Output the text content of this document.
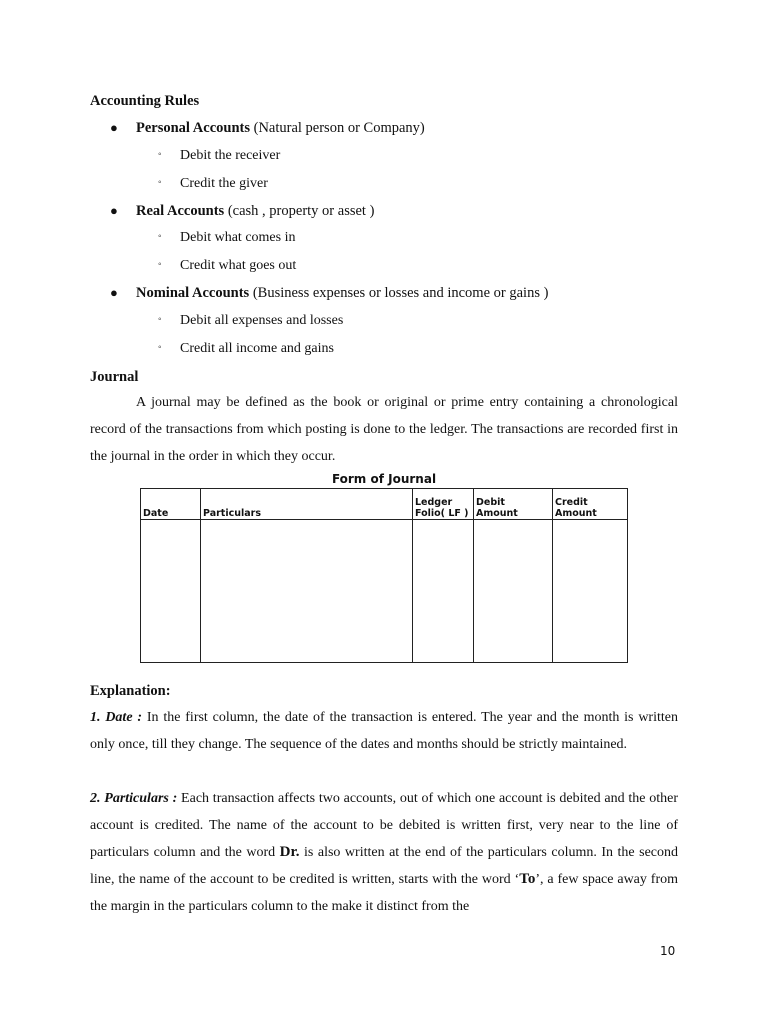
Accounting Rules
● Personal Accounts (Natural person or Company)
◦ Debit the receiver
◦ Credit the giver
● Real Accounts (cash , property or asset )
◦ Debit what comes in
◦ Credit what goes out
● Nominal Accounts (Business expenses or losses and income or gains )
◦ Debit all expenses and losses
◦ Credit all income and gains
Journal

A journal may be defined as the book or original or prime entry containing a chronological record of the transactions from which posting is done to the ledger. The transactions are recorded first in the journal in the order in which they occur.

Form of Journal
Date	Particulars	Ledger Folio( LF )	Debit Amount	Credit Amount

Explanation:

1. Date : In the first column, the date of the transaction is entered. The year and the month is written only once, till they change. The sequence of the dates and months should be strictly maintained.

2. Particulars : Each transaction affects two accounts, out of which one account is debited and the other account is credited. The name of the account to be debited is written first, very near to the line of particulars column and the word Dr. is also written at the end of the particulars column. In the second line, the name of the account to be credited is written, starts with the word ‘To’, a few space away from the margin in the particulars column to the make it distinct from the

10
